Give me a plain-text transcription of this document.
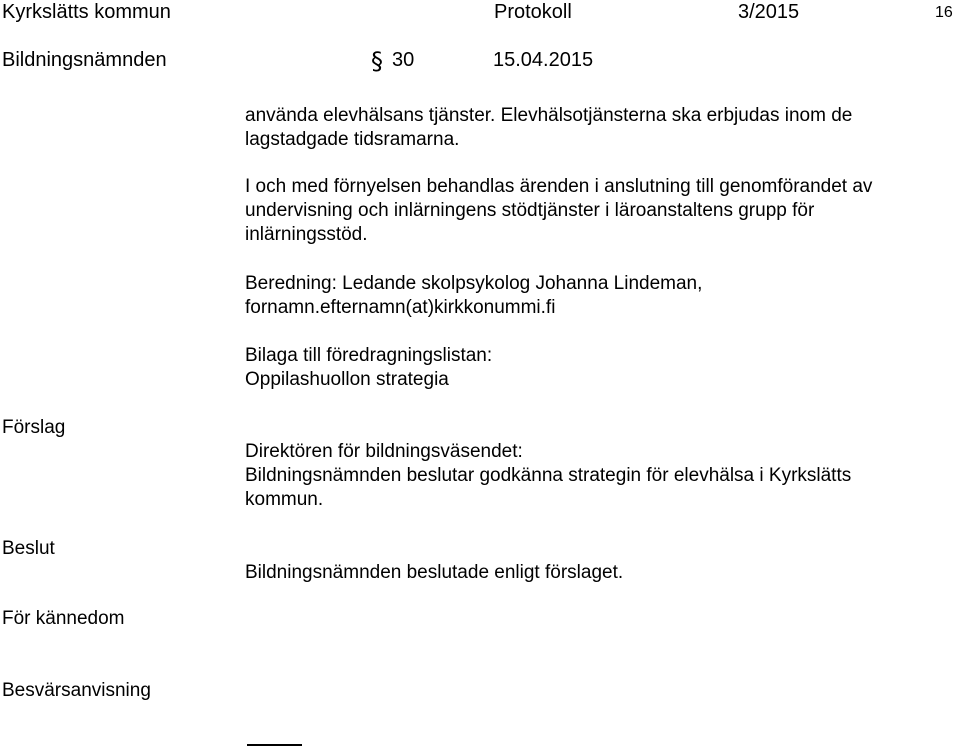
Kyrkslätts kommun	Protokoll	3/2015	16
Bildningsnämnden	§ 30	15.04.2015
använda elevhälsans tjänster. Elevhälsotjänsterna ska erbjudas inom de
lagstadgade tidsramarna.
I och med förnyelsen behandlas ärenden i anslutning till genomförandet av
undervisning och inlärningens stödtjänster i läroanstaltens grupp för
inlärningsstöd.
Beredning: Ledande skolpsykolog Johanna Lindeman,
fornamn.efternamn(at)kirkkonummi.fi
Bilaga till föredragningslistan:
Oppilashuollon strategia
Förslag
Direktören för bildningsväsendet:
Bildningsnämnden beslutar godkänna strategin för elevhälsa i Kyrkslätts
kommun.
Beslut
Bildningsnämnden beslutade enligt förslaget.
För kännedom
Besvärsanvisning
